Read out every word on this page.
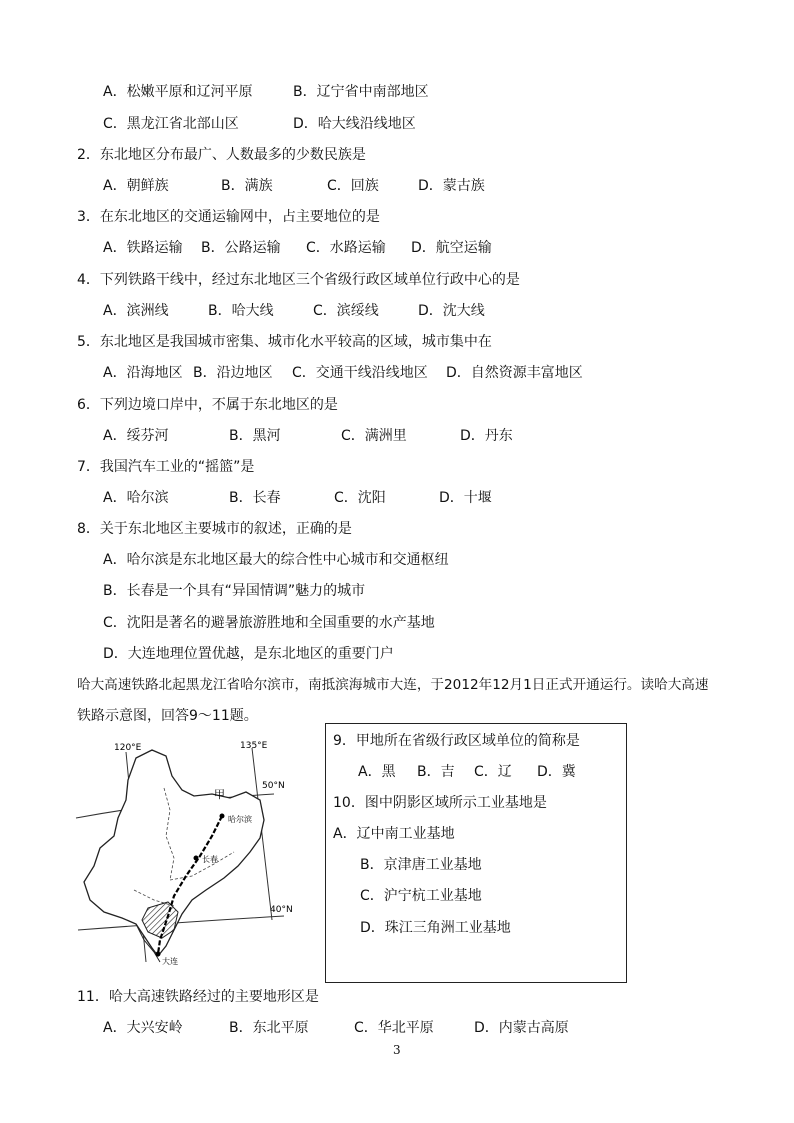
A．松嫩平原和辽河平原	B．辽宁省中南部地区
C．黑龙江省北部山区	D．哈大线沿线地区
2．东北地区分布最广、人数最多的少数民族是
A．朝鲜族	B．满族	C．回族	D．蒙古族
3．在东北地区的交通运输网中，占主要地位的是
A．铁路运输 B．公路运输 C．水路运输 D．航空运输
4．下列铁路干线中，经过东北地区三个省级行政区域单位行政中心的是
A．滨洲线	B．哈大线	C．滨绥线	D．沈大线
5．东北地区是我国城市密集、城市化水平较高的区域，城市集中在
A．沿海地区 B．沿边地区 C．交通干线沿线地区 D．自然资源丰富地区
6．下列边境口岸中，不属于东北地区的是
A．绥芬河	B．黑河	C．满洲里	D．丹东
7．我国汽车工业的“摇篮”是
A．哈尔滨	B．长春	C．沈阳	D．十堰
8．关于东北地区主要城市的叙述，正确的是
A．哈尔滨是东北地区最大的综合性中心城市和交通枢纽
B．长春是一个具有“异国情调”魅力的城市
C．沈阳是著名的避暑旅游胜地和全国重要的水产基地
D．大连地理位置优越，是东北地区的重要门户
哈大高速铁路北起黑龙江省哈尔滨市，南抵滨海城市大连，于2012年12月1日正式开通运行。读哈大高速
铁路示意图，回答9～11题。
120°E	135°E
50°N
40°N
甲
哈尔滨
长春
大连
9．甲地所在省级行政区域单位的简称是
A．黑 B．吉 C．辽 D．冀
10．图中阴影区域所示工业基地是
A．辽中南工业基地
B．京津唐工业基地
C．沪宁杭工业基地
D．珠江三角洲工业基地
11．哈大高速铁路经过的主要地形区是
A．大兴安岭	B．东北平原	C．华北平原	D．内蒙古高原
3
